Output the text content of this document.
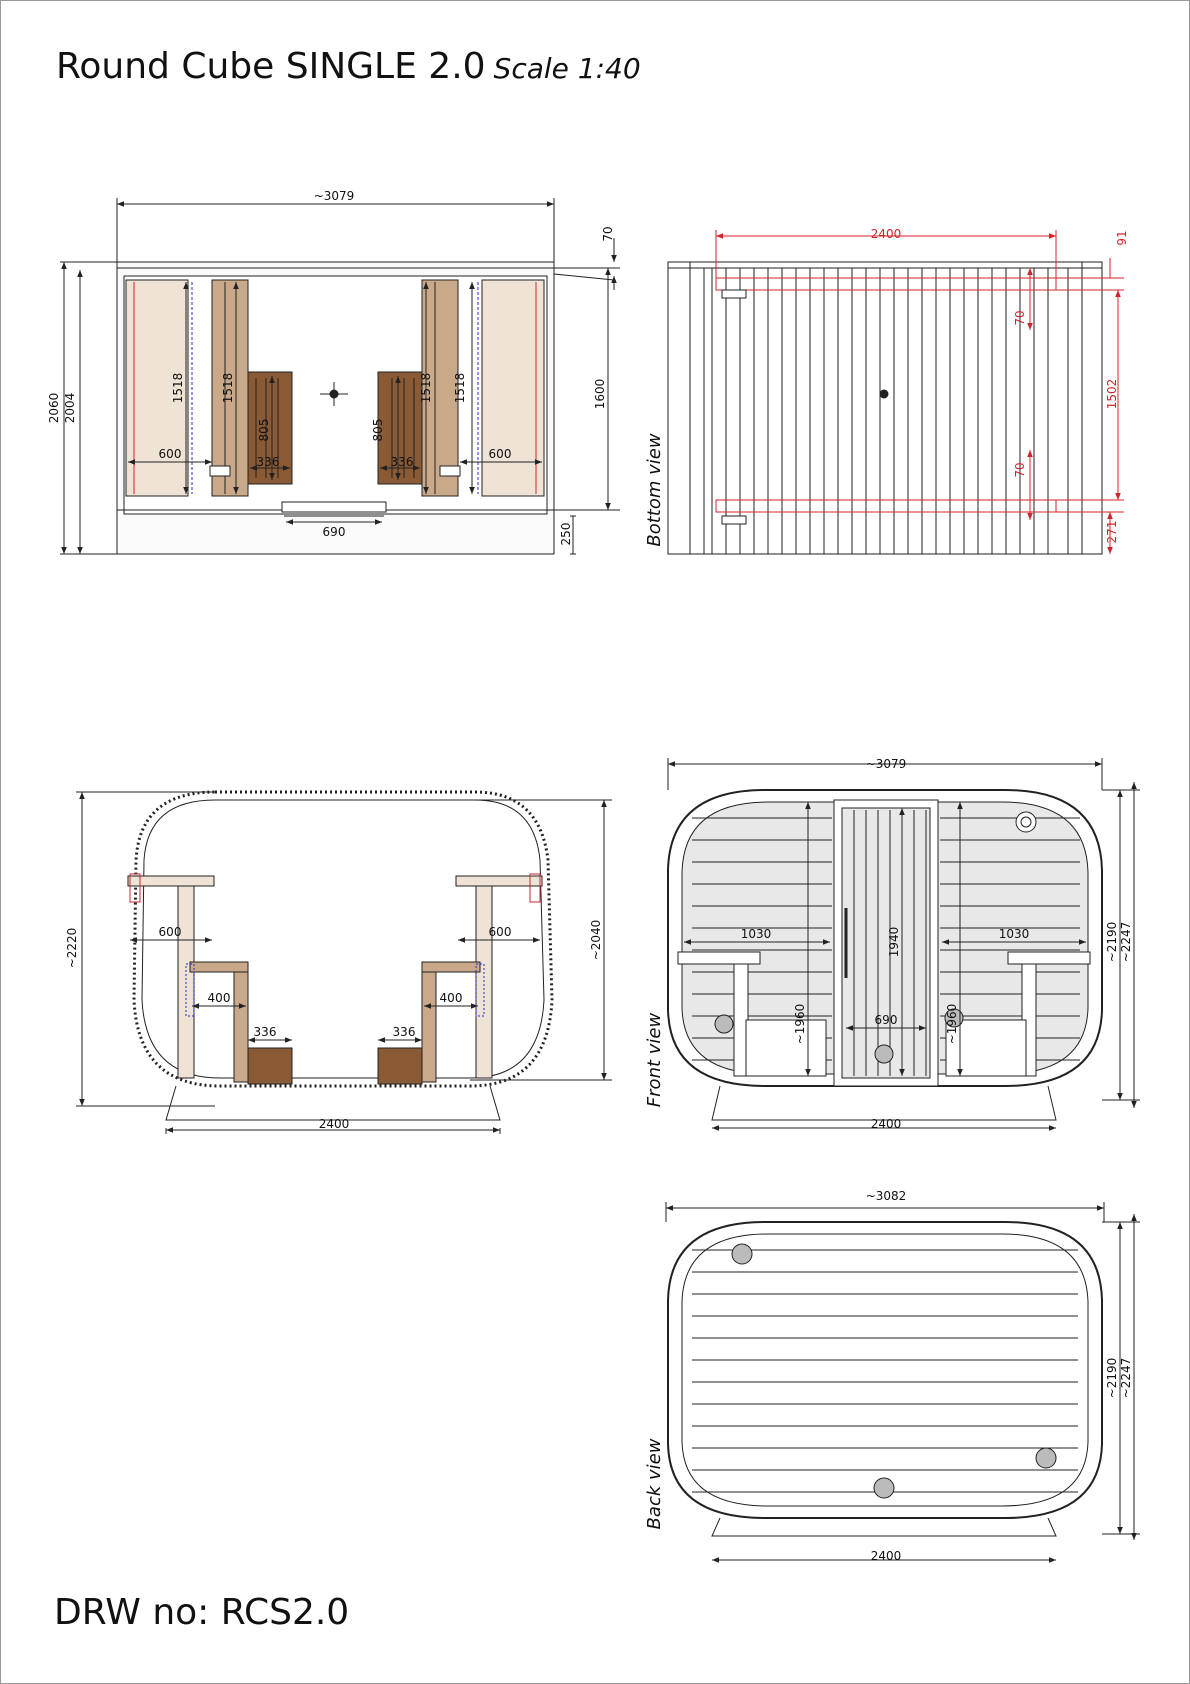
Round Cube SINGLE 2.0 Scale 1:40
DRW no: RCS2.0
~3079
70
2060 2004	1600
250
1518	1518
805	805
1518 1518
600	600
336	336
690
2400	91
70
1502
70
271
Bottom view
~2220	~2040
600	600
400	400
336	336
2400
~3079
~2190 ~2247
1030	1030
1940
690
~1960	~1960
2400
Front view
~3082
~2190 ~2247
2400
Back view
